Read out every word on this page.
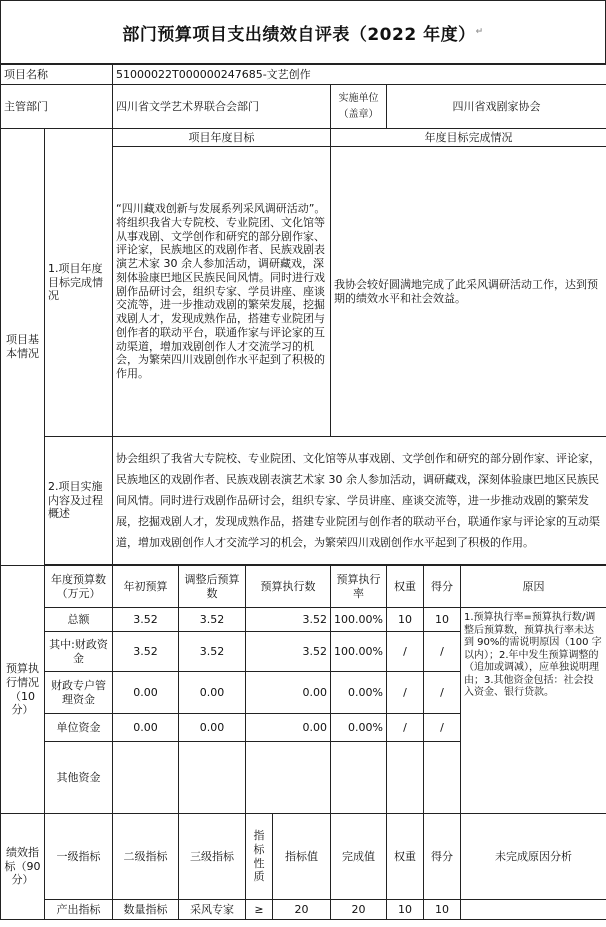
部门预算项目支出绩效自评表（2022 年度） ↵
项目名称		51000022T000000247685-文艺创作							
主管部门		四川省文学艺术界联合会部门				实施单位（盖章）	四川省戏剧家协会		
项目基本情况	1.项目年度目标完成情况	项目年度目标				年度目标完成情况			
		“四川藏戏创新与发展系列采风调研活动”。将组织我省大专院校、专业院团、文化馆等从事戏剧、文学创作和研究的部分剧作家、评论家，民族地区的戏剧作者、民族戏剧表演艺术家 30 余人参加活动，调研藏戏，深刻体验康巴地区民族民间风情。同时进行戏剧作品研讨会，组织专家、学员讲座、座谈交流等，进一步推动戏剧的繁荣发展，挖掘戏剧人才，发现成熟作品，搭建专业院团与创作者的联动平台，联通作家与评论家的互动渠道，增加戏剧创作人才交流学习的机会，为繁荣四川戏剧创作水平起到了积极的作用。				我协会较好圆满地完成了此采风调研活动工作，达到预期的绩效水平和社会效益。			
	2.项目实施内容及过程概述	协会组织了我省大专院校、专业院团、文化馆等从事戏剧、文学创作和研究的部分剧作家、评论家，民族地区的戏剧作者、民族戏剧表演艺术家 30 余人参加活动，调研藏戏，深刻体验康巴地区民族民间风情。同时进行戏剧作品研讨会，组织专家、学员讲座、座谈交流等，进一步推动戏剧的繁荣发展，挖掘戏剧人才，发现成熟作品，搭建专业院团与创作者的联动平台，联通作家与评论家的互动渠道，增加戏剧创作人才交流学习的机会，为繁荣四川戏剧创作水平起到了积极的作用。							

预算执行情况（10分）	年度预算数（万元）	年初预算	调整后预算数	预算执行数		预算执行率	权重	得分	原因
	总额	3.52	3.52	3.52		100.00%	10	10	1.预算执行率=预算执行数/调整后预算数，预算执行率未达到 90%的需说明原因（100 字以内）；2.年中发生预算调整的（追加或调减），应单独说明理由；3.其他资金包括：社会投入资金、银行贷款。
	其中:财政资金	3.52	3.52	3.52		100.00%	/	/	
	财政专户管理资金	0.00	0.00	0.00		0.00%	/	/	
	单位资金	0.00	0.00	0.00		0.00%	/	/	
	其他资金								
绩效指标（90分）	一级指标	二级指标	三级指标	指标性质	指标值	完成值	权重	得分	未完成原因分析
	产出指标	数量指标	采风专家	≥	20	20	10	10	
